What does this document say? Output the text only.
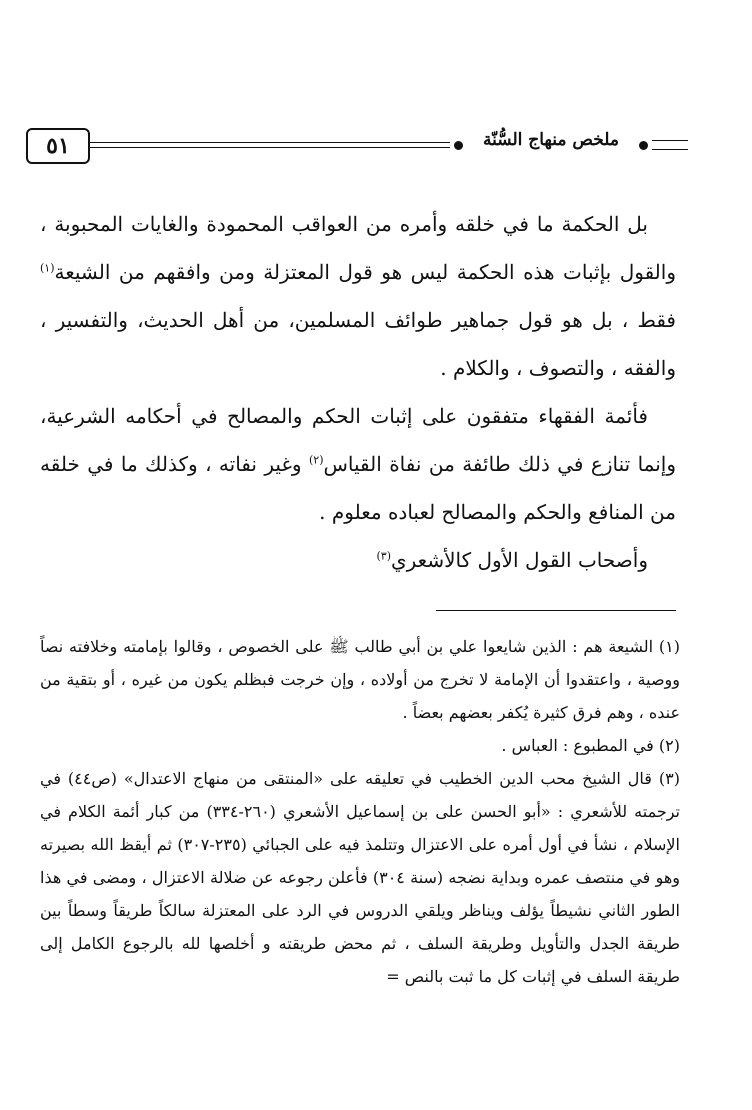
٥١	ملخص منهاج السُّنّة

بل الحكمة ما في خلقه وأمره من العواقب المحمودة والغايات المحبوبة ، والقول بإثبات هذه الحكمة ليس هو قول المعتزلة ومن وافقهم من الشيعة$^{(١)}$ فقط ، بل هو قول جماهير طوائف المسلمين، من أهل الحديث، والتفسير ، والفقه ، والتصوف ، والكلام .

فأئمة الفقهاء متفقون على إثبات الحكم والمصالح في أحكامه الشرعية، وإنما تنازع في ذلك طائفة من نفاة القياس$^{(٢)}$ وغير نفاته ، وكذلك ما في خلقه من المنافع والحكم والمصالح لعباده معلوم .

وأصحاب القول الأول كالأشعري$^{(٣)}$

(١) الشيعة هم : الذين شايعوا علي بن أبي طالب ﷺ على الخصوص ، وقالوا بإمامته وخلافته نصاً ووصية ، واعتقدوا أن الإمامة لا تخرج من أولاده ، وإن خرجت فبظلم يكون من غيره ، أو بتقية من عنده ، وهم فرق كثيرة يُكفر بعضهم بعضاً .

(٢) في المطبوع : العباس .

(٣) قال الشيخ محب الدين الخطيب في تعليقه على «المنتقى من منهاج الاعتدال» (ص٤٤) في ترجمته للأشعري : «أبو الحسن على بن إسماعيل الأشعري (٢٦٠-٣٣٤) من كبار أئمة الكلام في الإسلام ، نشأ في أول أمره على الاعتزال وتتلمذ فيه على الجبائي (٢٣٥-٣٠٧) ثم أيقظ الله بصيرته وهو في منتصف عمره وبداية نضجه (سنة ٣٠٤) فأعلن رجوعه عن ضلالة الاعتزال ، ومضى في هذا الطور الثاني نشيطاً يؤلف ويناظر ويلقي الدروس في الرد على المعتزلة سالكاً طريقاً وسطاً بين طريقة الجدل والتأويل وطريقة السلف ، ثم محض طريقته و أخلصها لله بالرجوع الكامل إلى طريقة السلف في إثبات كل ما ثبت بالنص =
